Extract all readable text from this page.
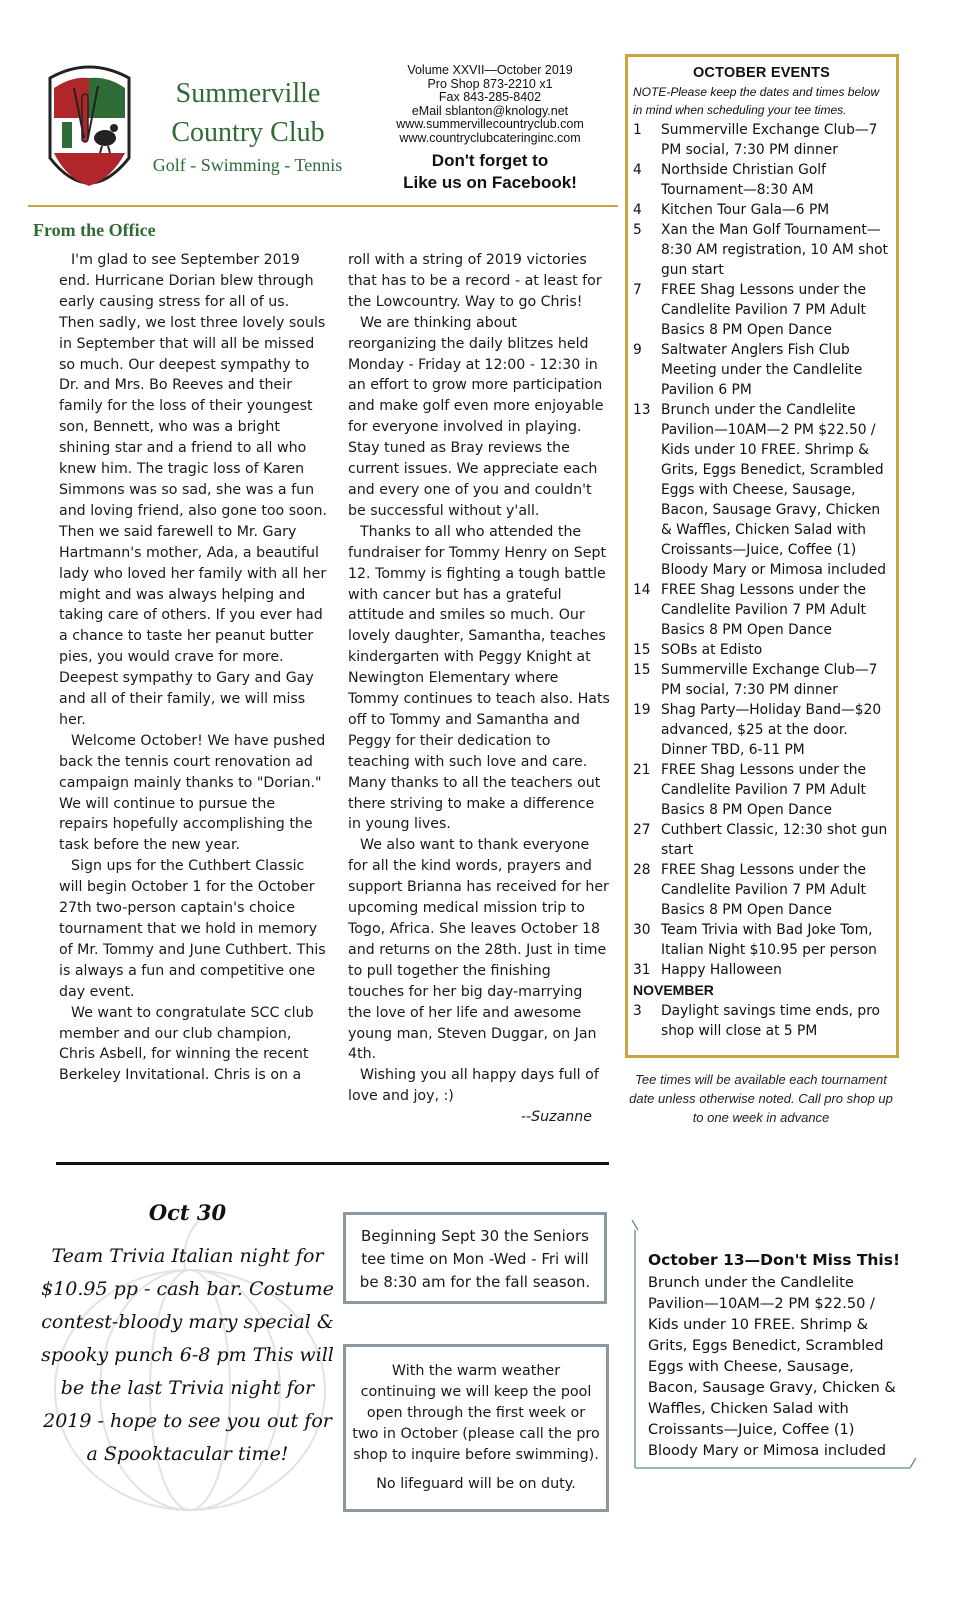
Summerville
Country Club
Golf - Swimming - Tennis
Volume XXVII—October 2019
Pro Shop 873-2210 x1
Fax 843-285-8402
eMail sblanton@knology.net
www.summervillecountryclub.com
www.countryclubcateringinc.com
Don't forget to
Like us on Facebook!
From the Office

I'm glad to see September 2019 end. Hurricane Dorian blew through early causing stress for all of us. Then sadly, we lost three lovely souls in September that will all be missed so much. Our deepest sympathy to Dr. and Mrs. Bo Reeves and their family for the loss of their youngest son, Bennett, who was a bright shining star and a friend to all who knew him. The tragic loss of Karen Simmons was so sad, she was a fun and loving friend, also gone too soon. Then we said farewell to Mr. Gary Hartmann's mother, Ada, a beautiful lady who loved her family with all her might and was always helping and taking care of others. If you ever had a chance to taste her peanut butter pies, you would crave for more. Deepest sympathy to Gary and Gay and all of their family, we will miss her.

Welcome October! We have pushed back the tennis court renovation ad campaign mainly thanks to "Dorian." We will continue to pursue the repairs hopefully accomplishing the task before the new year.

Sign ups for the Cuthbert Classic will begin October 1 for the October 27th two-person captain's choice tournament that we hold in memory of Mr. Tommy and June Cuthbert. This is always a fun and competitive one day event.

We want to congratulate SCC club member and our club champion, Chris Asbell, for winning the recent Berkeley Invitational. Chris is on a

roll with a string of 2019 victories that has to be a record - at least for the Lowcountry. Way to go Chris!

We are thinking about reorganizing the daily blitzes held Monday - Friday at 12:00 - 12:30 in an effort to grow more participation and make golf even more enjoyable for everyone involved in playing. Stay tuned as Bray reviews the current issues. We appreciate each and every one of you and couldn't be successful without y'all.

Thanks to all who attended the fundraiser for Tommy Henry on Sept 12. Tommy is fighting a tough battle with cancer but has a grateful attitude and smiles so much. Our lovely daughter, Samantha, teaches kindergarten with Peggy Knight at Newington Elementary where Tommy continues to teach also. Hats off to Tommy and Samantha and Peggy for their dedication to teaching with such love and care. Many thanks to all the teachers out there striving to make a difference in young lives.

We also want to thank everyone for all the kind words, prayers and support Brianna has received for her upcoming medical mission trip to Togo, Africa. She leaves October 18 and returns on the 28th. Just in time to pull together the finishing touches for her big day-marrying the love of her life and awesome young man, Steven Duggar, on Jan 4th.

Wishing you all happy days full of love and joy, :)

--Suzanne

OCTOBER EVENTS
NOTE-Please keep the dates and times below in mind when scheduling your tee times.
1	Summerville Exchange Club—7 PM social, 7:30 PM dinner
4	Northside Christian Golf Tournament—8:30 AM
4	Kitchen Tour Gala—6 PM
5	Xan the Man Golf Tournament—8:30 AM registration, 10 AM shot gun start
7	FREE Shag Lessons under the Candlelite Pavilion 7 PM Adult Basics 8 PM Open Dance
9	Saltwater Anglers Fish Club Meeting under the Candlelite Pavilion 6 PM
13 Brunch under the Candlelite Pavilion—10AM—2 PM $22.50 / Kids under 10 FREE. Shrimp & Grits, Eggs Benedict, Scrambled Eggs with Cheese, Sausage, Bacon, Sausage Gravy, Chicken & Waffles, Chicken Salad with Croissants—Juice, Coffee (1) Bloody Mary or Mimosa included
14 FREE Shag Lessons under the Candlelite Pavilion 7 PM Adult Basics 8 PM Open Dance
15 SOBs at Edisto
15 Summerville Exchange Club—7 PM social, 7:30 PM dinner
19 Shag Party—Holiday Band—$20 advanced, $25 at the door. Dinner TBD, 6-11 PM
21 FREE Shag Lessons under the Candlelite Pavilion 7 PM Adult Basics 8 PM Open Dance
27 Cuthbert Classic, 12:30 shot gun start
28 FREE Shag Lessons under the Candlelite Pavilion 7 PM Adult Basics 8 PM Open Dance
30 Team Trivia with Bad Joke Tom, Italian Night $10.95 per person
31 Happy Halloween
NOVEMBER
3	Daylight savings time ends, pro shop will close at 5 PM
Tee times will be available each tournament date unless otherwise noted. Call pro shop up to one week in advance
Oct 30
Team Trivia Italian night for $10.95 pp - cash bar. Costume contest-bloody mary special & spooky punch 6-8 pm This will be the last Trivia night for 2019 - hope to see you out for a Spooktacular time!
Beginning Sept 30 the Seniors tee time on Mon -Wed - Fri will be 8:30 am for the fall season.

With the warm weather continuing we will keep the pool open through the first week or two in October (please call the pro shop to inquire before swimming).

No lifeguard will be on duty.

October 13—Don't Miss This!
Brunch under the Candlelite Pavilion—10AM—2 PM $22.50 / Kids under 10 FREE. Shrimp & Grits, Eggs Benedict, Scrambled Eggs with Cheese, Sausage, Bacon, Sausage Gravy, Chicken & Waffles, Chicken Salad with Croissants—Juice, Coffee (1) Bloody Mary or Mimosa included
